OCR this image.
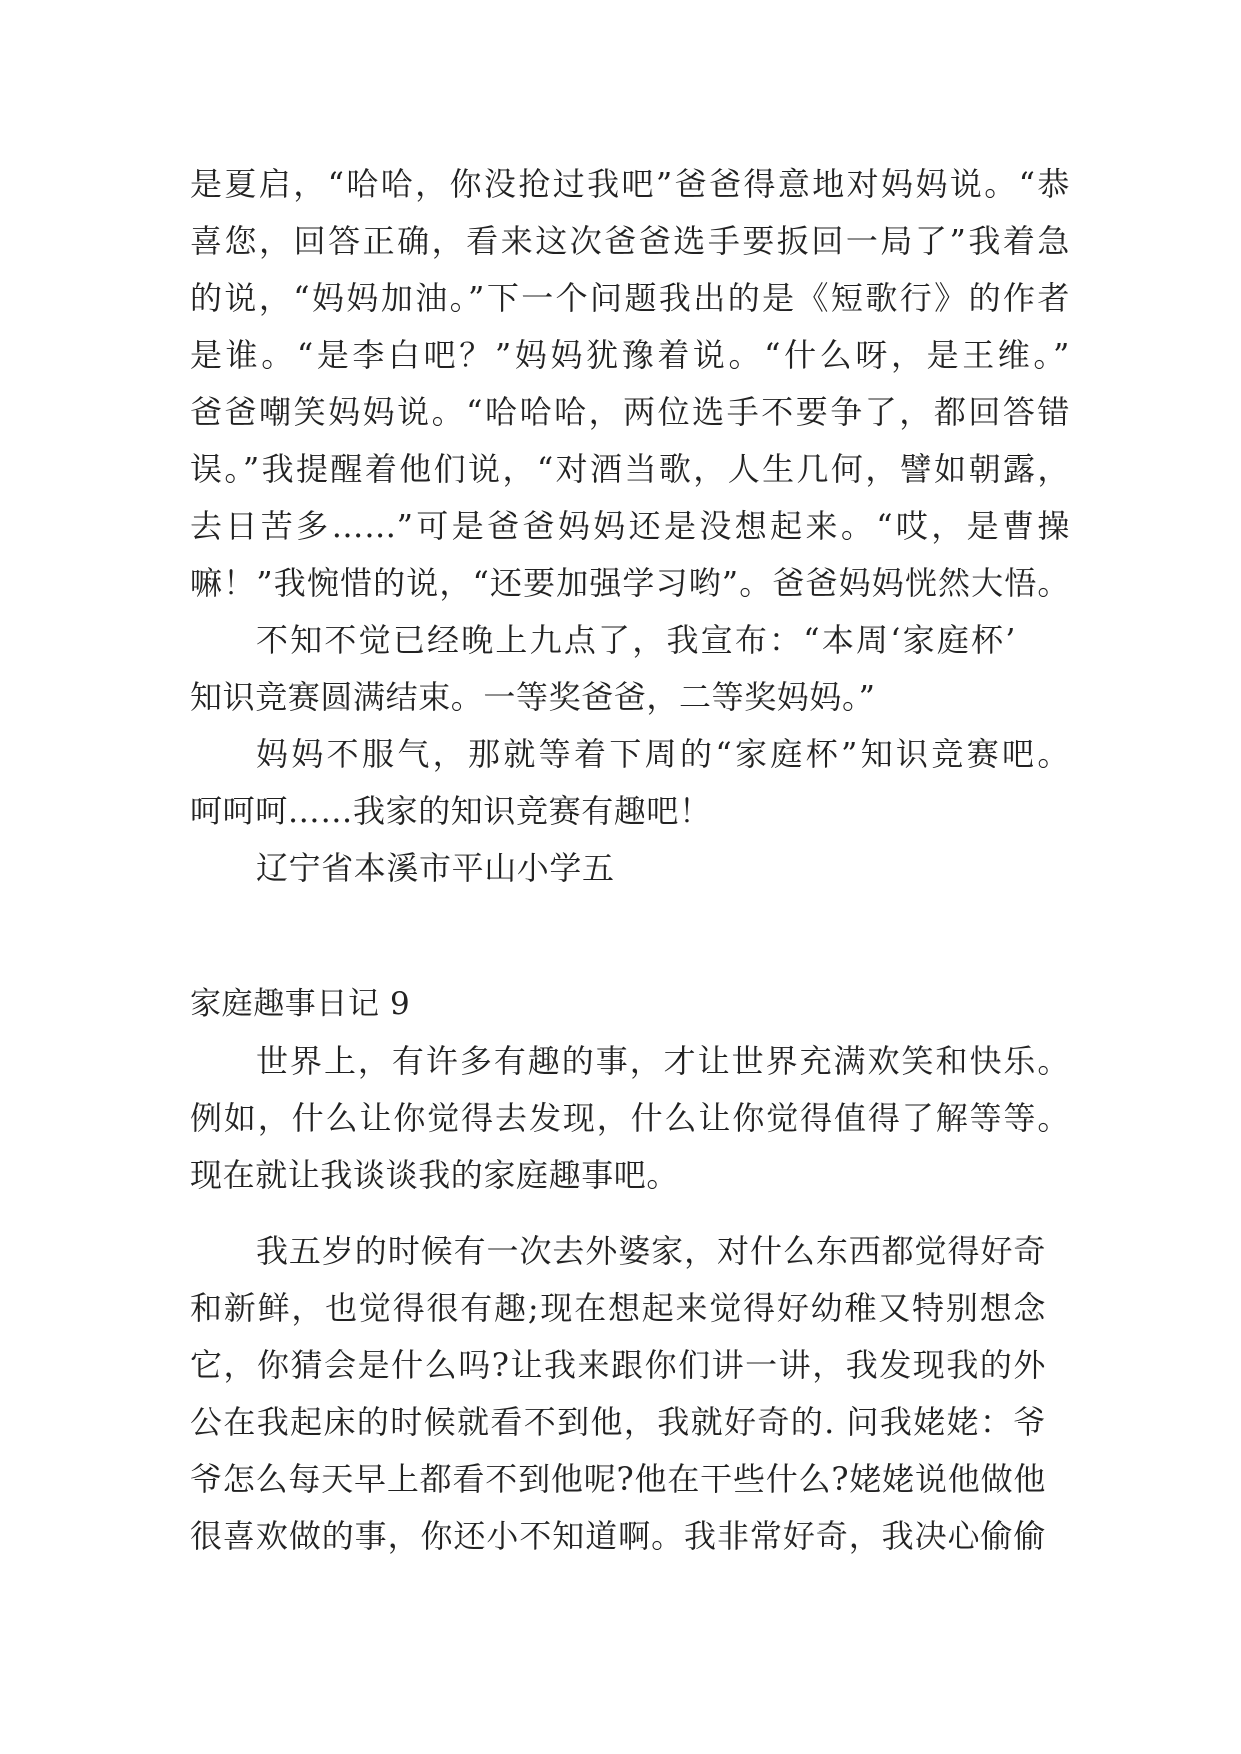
是夏启，“哈哈，你没抢过我吧”爸爸得意地对妈妈说。“恭
喜您，回答正确，看来这次爸爸选手要扳回一局了”我着急
的说，“妈妈加油。”下一个问题我出的是《短歌行》的作者
是谁。“是李白吧？”妈妈犹豫着说。“什么呀，是王维。”
爸爸嘲笑妈妈说。“哈哈哈，两位选手不要争了，都回答错
误。”我提醒着他们说，“对酒当歌，人生几何，譬如朝露，
去日苦多……”可是爸爸妈妈还是没想起来。“哎，是曹操
嘛！”我惋惜的说，“还要加强学习哟”。爸爸妈妈恍然大悟。
不知不觉已经晚上九点了，我宣布：“本周‘家庭杯’
知识竞赛圆满结束。一等奖爸爸，二等奖妈妈。”
妈妈不服气，那就等着下周的“家庭杯”知识竞赛吧。
呵呵呵……我家的知识竞赛有趣吧！
辽宁省本溪市平山小学五
家庭趣事日记 9
世界上，有许多有趣的事，才让世界充满欢笑和快乐。
例如，什么让你觉得去发现，什么让你觉得值得了解等等。
现在就让我谈谈我的家庭趣事吧。
我五岁的时候有一次去外婆家，对什么东西都觉得好奇
和新鲜，也觉得很有趣;现在想起来觉得好幼稚又特别想念
它，你猜会是什么吗?让我来跟你们讲一讲，我发现我的外
公在我起床的时候就看不到他，我就好奇的. 问我姥姥：爷
爷怎么每天早上都看不到他呢?他在干些什么?姥姥说他做他
很喜欢做的事，你还小不知道啊。我非常好奇，我决心偷偷
